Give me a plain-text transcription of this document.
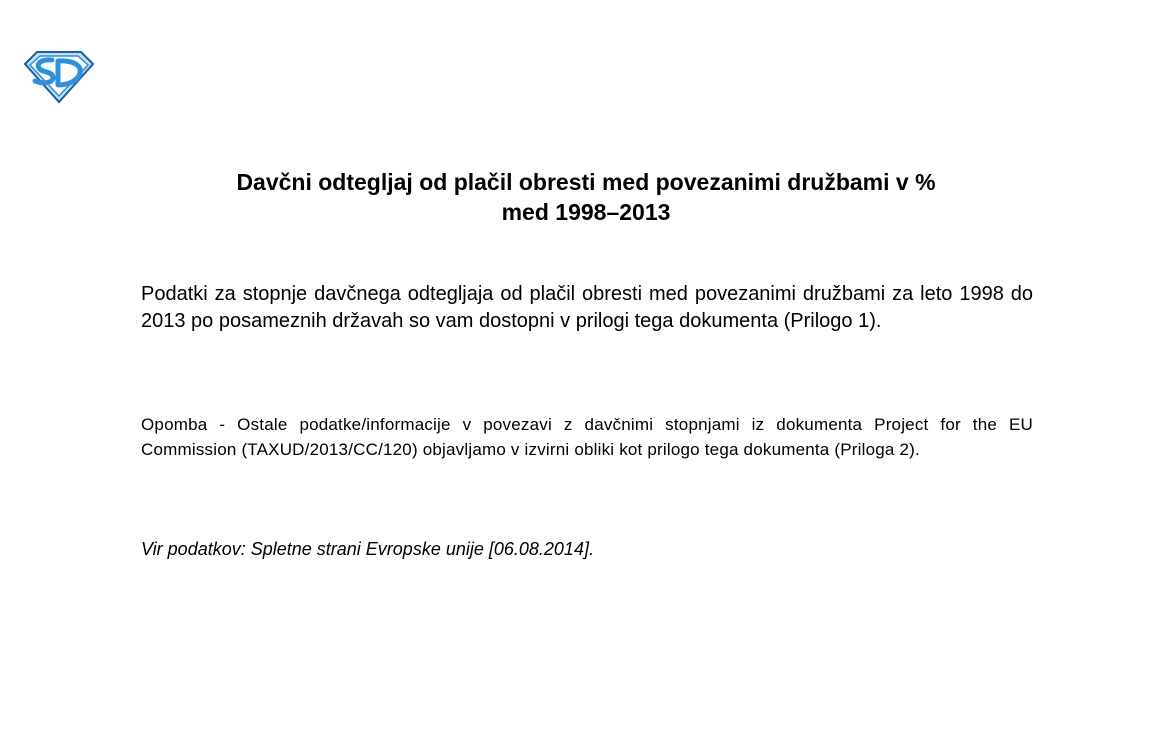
Davčni odtegljaj od plačil obresti med povezanimi družbami v %
med 1998–2013
Podatki za stopnje davčnega odtegljaja od plačil obresti med povezanimi družbami za leto 1998 do 2013 po posameznih državah so vam dostopni v prilogi tega dokumenta (Prilogo 1).
Opomba - Ostale podatke/informacije v povezavi z davčnimi stopnjami iz dokumenta Project for the EU Commission (TAXUD/2013/CC/120) objavljamo v izvirni obliki kot prilogo tega dokumenta (Priloga 2).
Vir podatkov: Spletne strani Evropske unije [06.08.2014].
